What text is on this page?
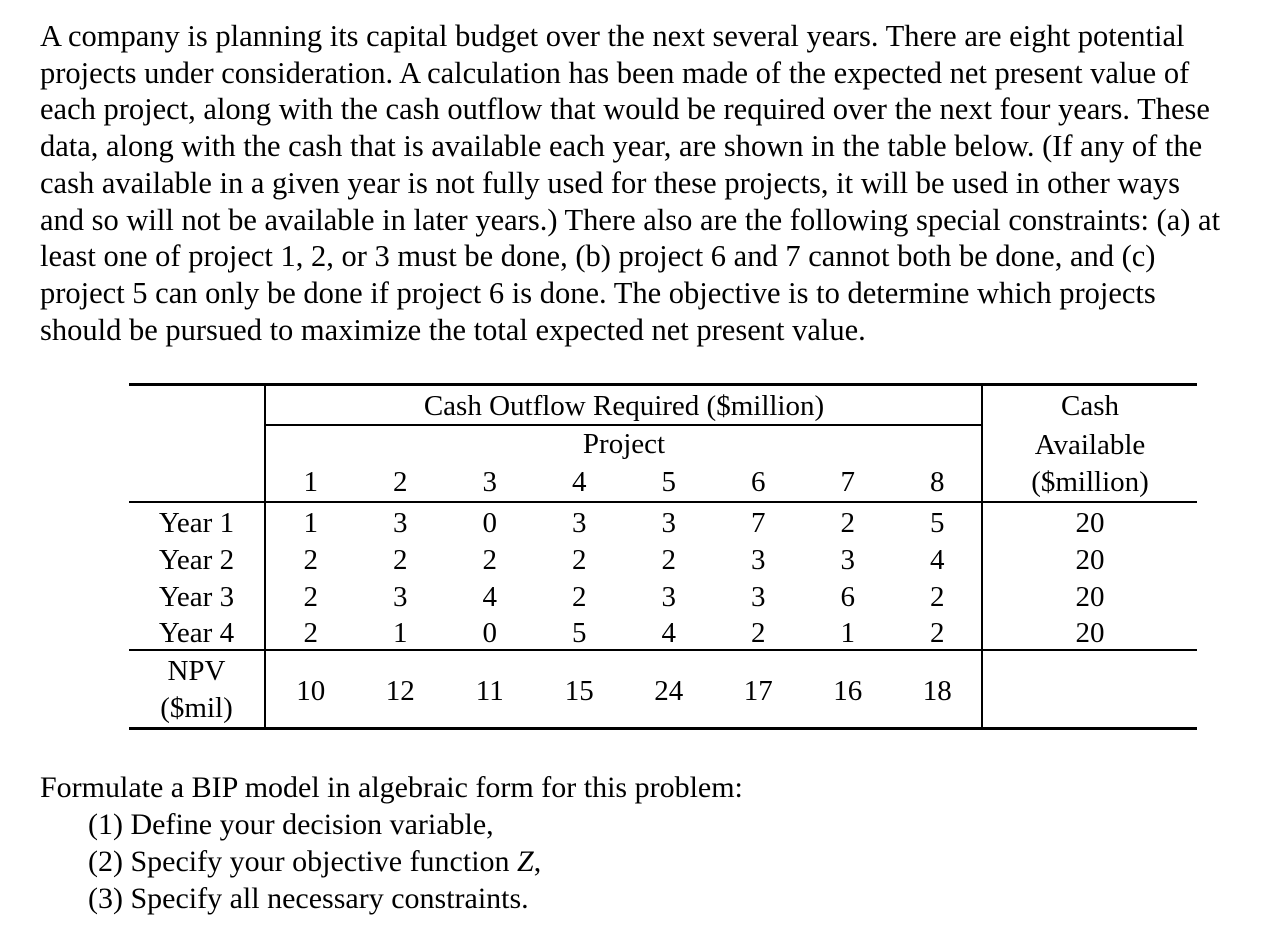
A company is planning its capital budget over the next several years. There are eight potential
projects under consideration. A calculation has been made of the expected net present value of
each project, along with the cash outflow that would be required over the next four years. These
data, along with the cash that is available each year, are shown in the table below. (If any of the
cash available in a given year is not fully used for these projects, it will be used in other ways
and so will not be available in later years.) There also are the following special constraints: (a) at
least one of project 1, 2, or 3 must be done, (b) project 6 and 7 cannot both be done, and (c)
project 5 can only be done if project 6 is done. The objective is to determine which projects
should be pursued to maximize the total expected net present value.
Cash Outflow Required ($million)
Project
Cash
Available
($million)
1	2	3	4	5	6	7	8
Year 1	1	3	0	3	3	7	2	5	20
Year 2	2	2	2	2	2	3	3	4	20
Year 3	2	3	4	2	3	3	6	2	20
Year 4	2	1	0	5	4	2	1	2	20
NPV
($mil)
10	12	11	15	24	17	16	18
Formulate a BIP model in algebraic form for this problem:
(1) Define your decision variable,
(2) Specify your objective function Z,
(3) Specify all necessary constraints.
